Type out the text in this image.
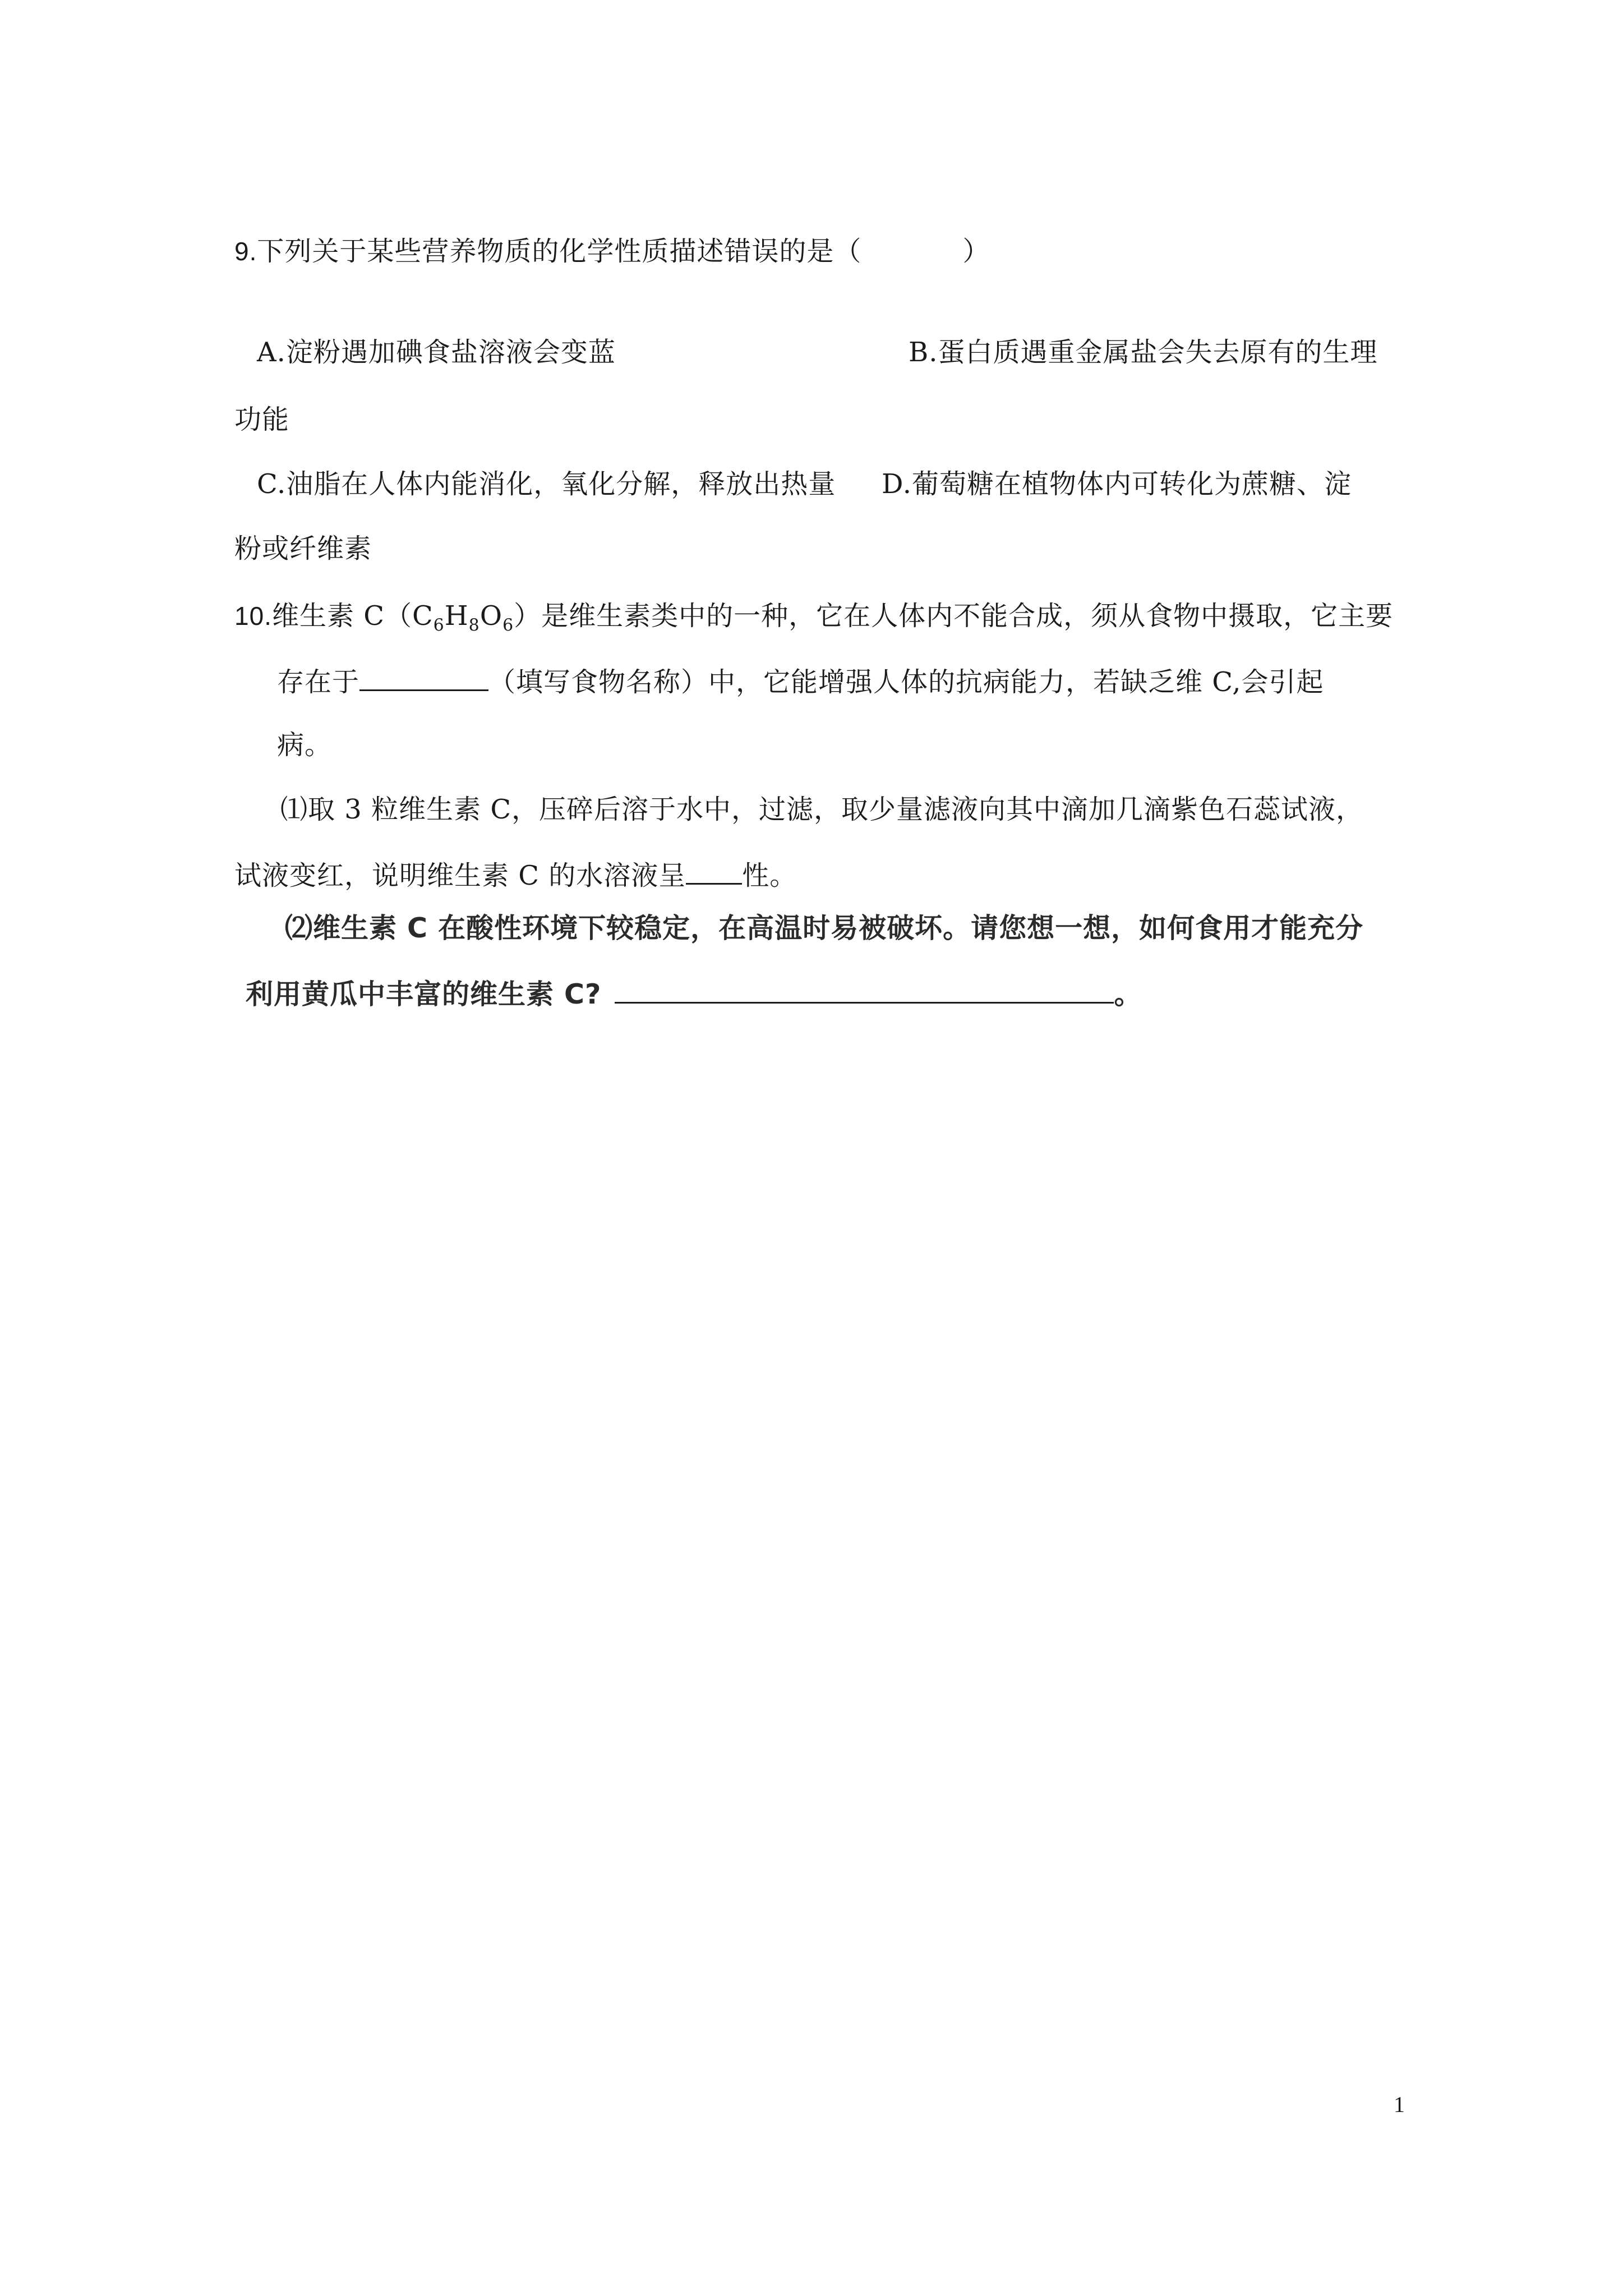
9.下列关于某些营养物质的化学性质描述错误的是（	）
A.淀粉遇加碘食盐溶液会变蓝	B.蛋白质遇重金属盐会失去原有的生理
功能
C.油脂在人体内能消化，氧化分解，释放出热量 D.葡萄糖在植物体内可转化为蔗糖、淀
粉或纤维素
10.维生素 $C(C_6H_8O_6)$是维生素类中的一种，它在人体内不能合成，须从食物中摄取，它主要
存在于	（填写食物名称）中，它能增强人体的抗病能力，若缺乏维 C,会引起
病。
⑴取 3 粒维生素 C，压碎后溶于水中，过滤，取少量滤液向其中滴加几滴紫色石蕊试液，
试液变红，说明维生素 C 的水溶液呈 性。
⑵维生素 C 在酸性环境下较稳定，在高温时易被破坏。请您想一想，如何食用才能充分
利用黄瓜中丰富的维生素 C?	。
1
